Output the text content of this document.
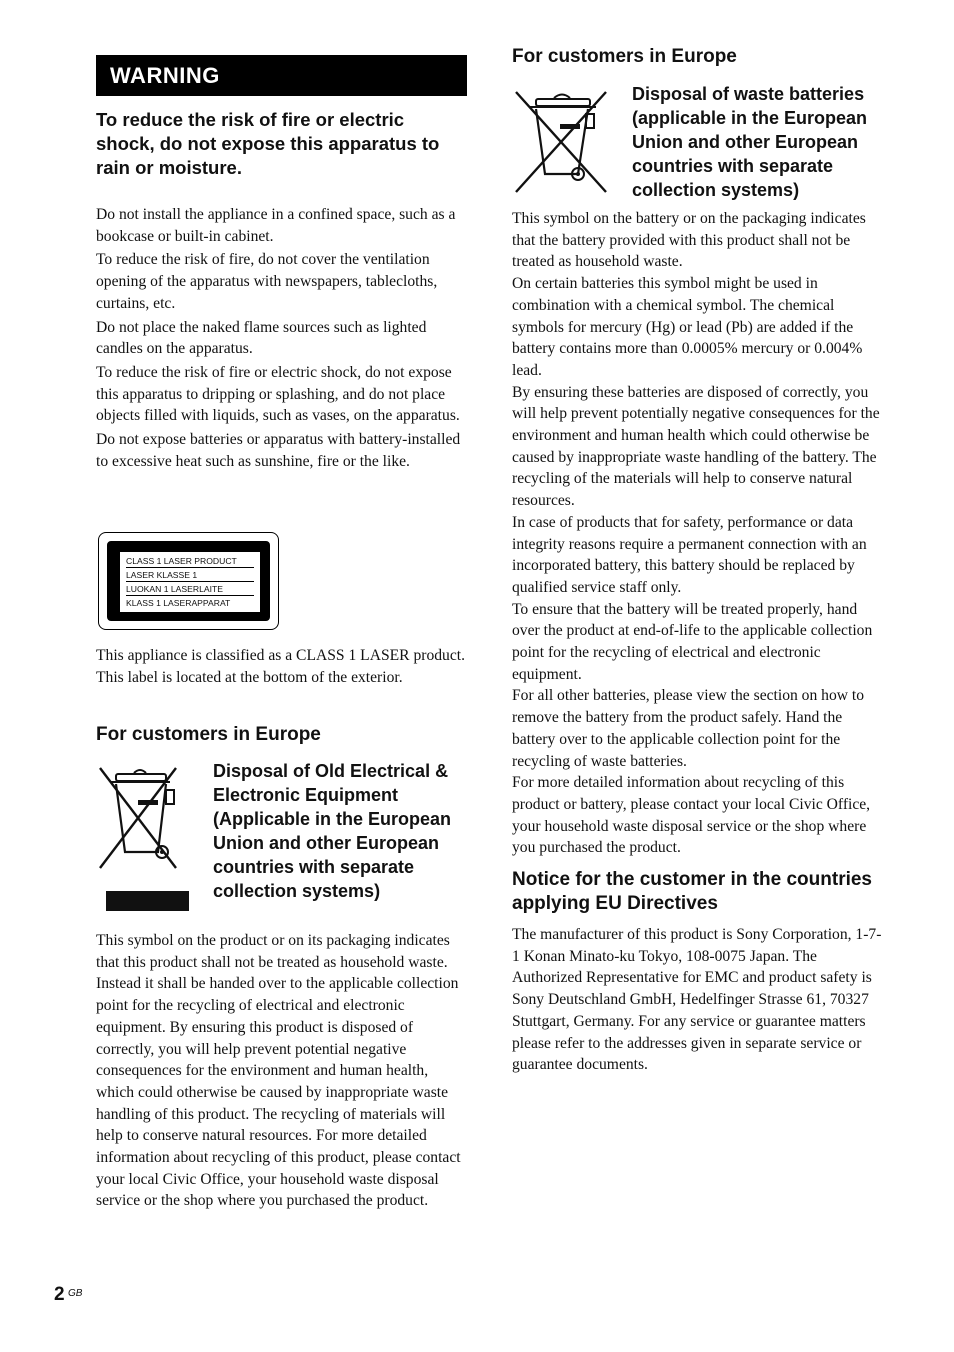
WARNING
To reduce the risk of fire or electric shock, do not expose this apparatus to rain or moisture.

Do not install the appliance in a confined space, such as a bookcase or built-in cabinet.

To reduce the risk of fire, do not cover the ventilation opening of the apparatus with newspapers, tablecloths, curtains, etc.

Do not place the naked flame sources such as lighted candles on the apparatus.

To reduce the risk of fire or electric shock, do not expose this apparatus to dripping or splashing, and do not place objects filled with liquids, such as vases, on the apparatus.

Do not expose batteries or apparatus with battery-installed to excessive heat such as sunshine, fire or the like.

CLASS 1 LASER PRODUCT
LASER KLASSE 1
LUOKAN 1 LASERLAITE
KLASS 1 LASERAPPARAT
This appliance is classified as a CLASS 1 LASER product. This label is located at the bottom of the exterior.
For customers in Europe
Disposal of Old Electrical & Electronic Equipment (Applicable in the European Union and other European countries with separate collection systems)
This symbol on the product or on its packaging indicates that this product shall not be treated as household waste. Instead it shall be handed over to the applicable collection point for the recycling of electrical and electronic equipment. By ensuring this product is disposed of correctly, you will help prevent potential negative consequences for the environment and human health, which could otherwise be caused by inappropriate waste handling of this product. The recycling of materials will help to conserve natural resources. For more detailed information about recycling of this product, please contact your local Civic Office, your household waste disposal service or the shop where you purchased the product.
For customers in Europe
Disposal of waste batteries (applicable in the European Union and other European countries with separate collection systems)

This symbol on the battery or on the packaging indicates that the battery provided with this product shall not be treated as household waste.

On certain batteries this symbol might be used in combination with a chemical symbol. The chemical symbols for mercury (Hg) or lead (Pb) are added if the battery contains more than 0.0005% mercury or 0.004% lead.

By ensuring these batteries are disposed of correctly, you will help prevent potentially negative consequences for the environment and human health which could otherwise be caused by inappropriate waste handling of the battery. The recycling of the materials will help to conserve natural resources.

In case of products that for safety, performance or data integrity reasons require a permanent connection with an incorporated battery, this battery should be replaced by qualified service staff only.

To ensure that the battery will be treated properly, hand over the product at end-of-life to the applicable collection point for the recycling of electrical and electronic equipment.

For all other batteries, please view the section on how to remove the battery from the product safely. Hand the battery over to the applicable collection point for the recycling of waste batteries.

For more detailed information about recycling of this product or battery, please contact your local Civic Office, your household waste disposal service or the shop where you purchased the product.

Notice for the customer in the countries applying EU Directives
The manufacturer of this product is Sony Corporation, 1-7-1 Konan Minato-ku Tokyo, 108-0075 Japan. The Authorized Representative for EMC and product safety is Sony Deutschland GmbH, Hedelfinger Strasse 61, 70327 Stuttgart, Germany. For any service or guarantee matters please refer to the addresses given in separate service or guarantee documents.
2 GB
